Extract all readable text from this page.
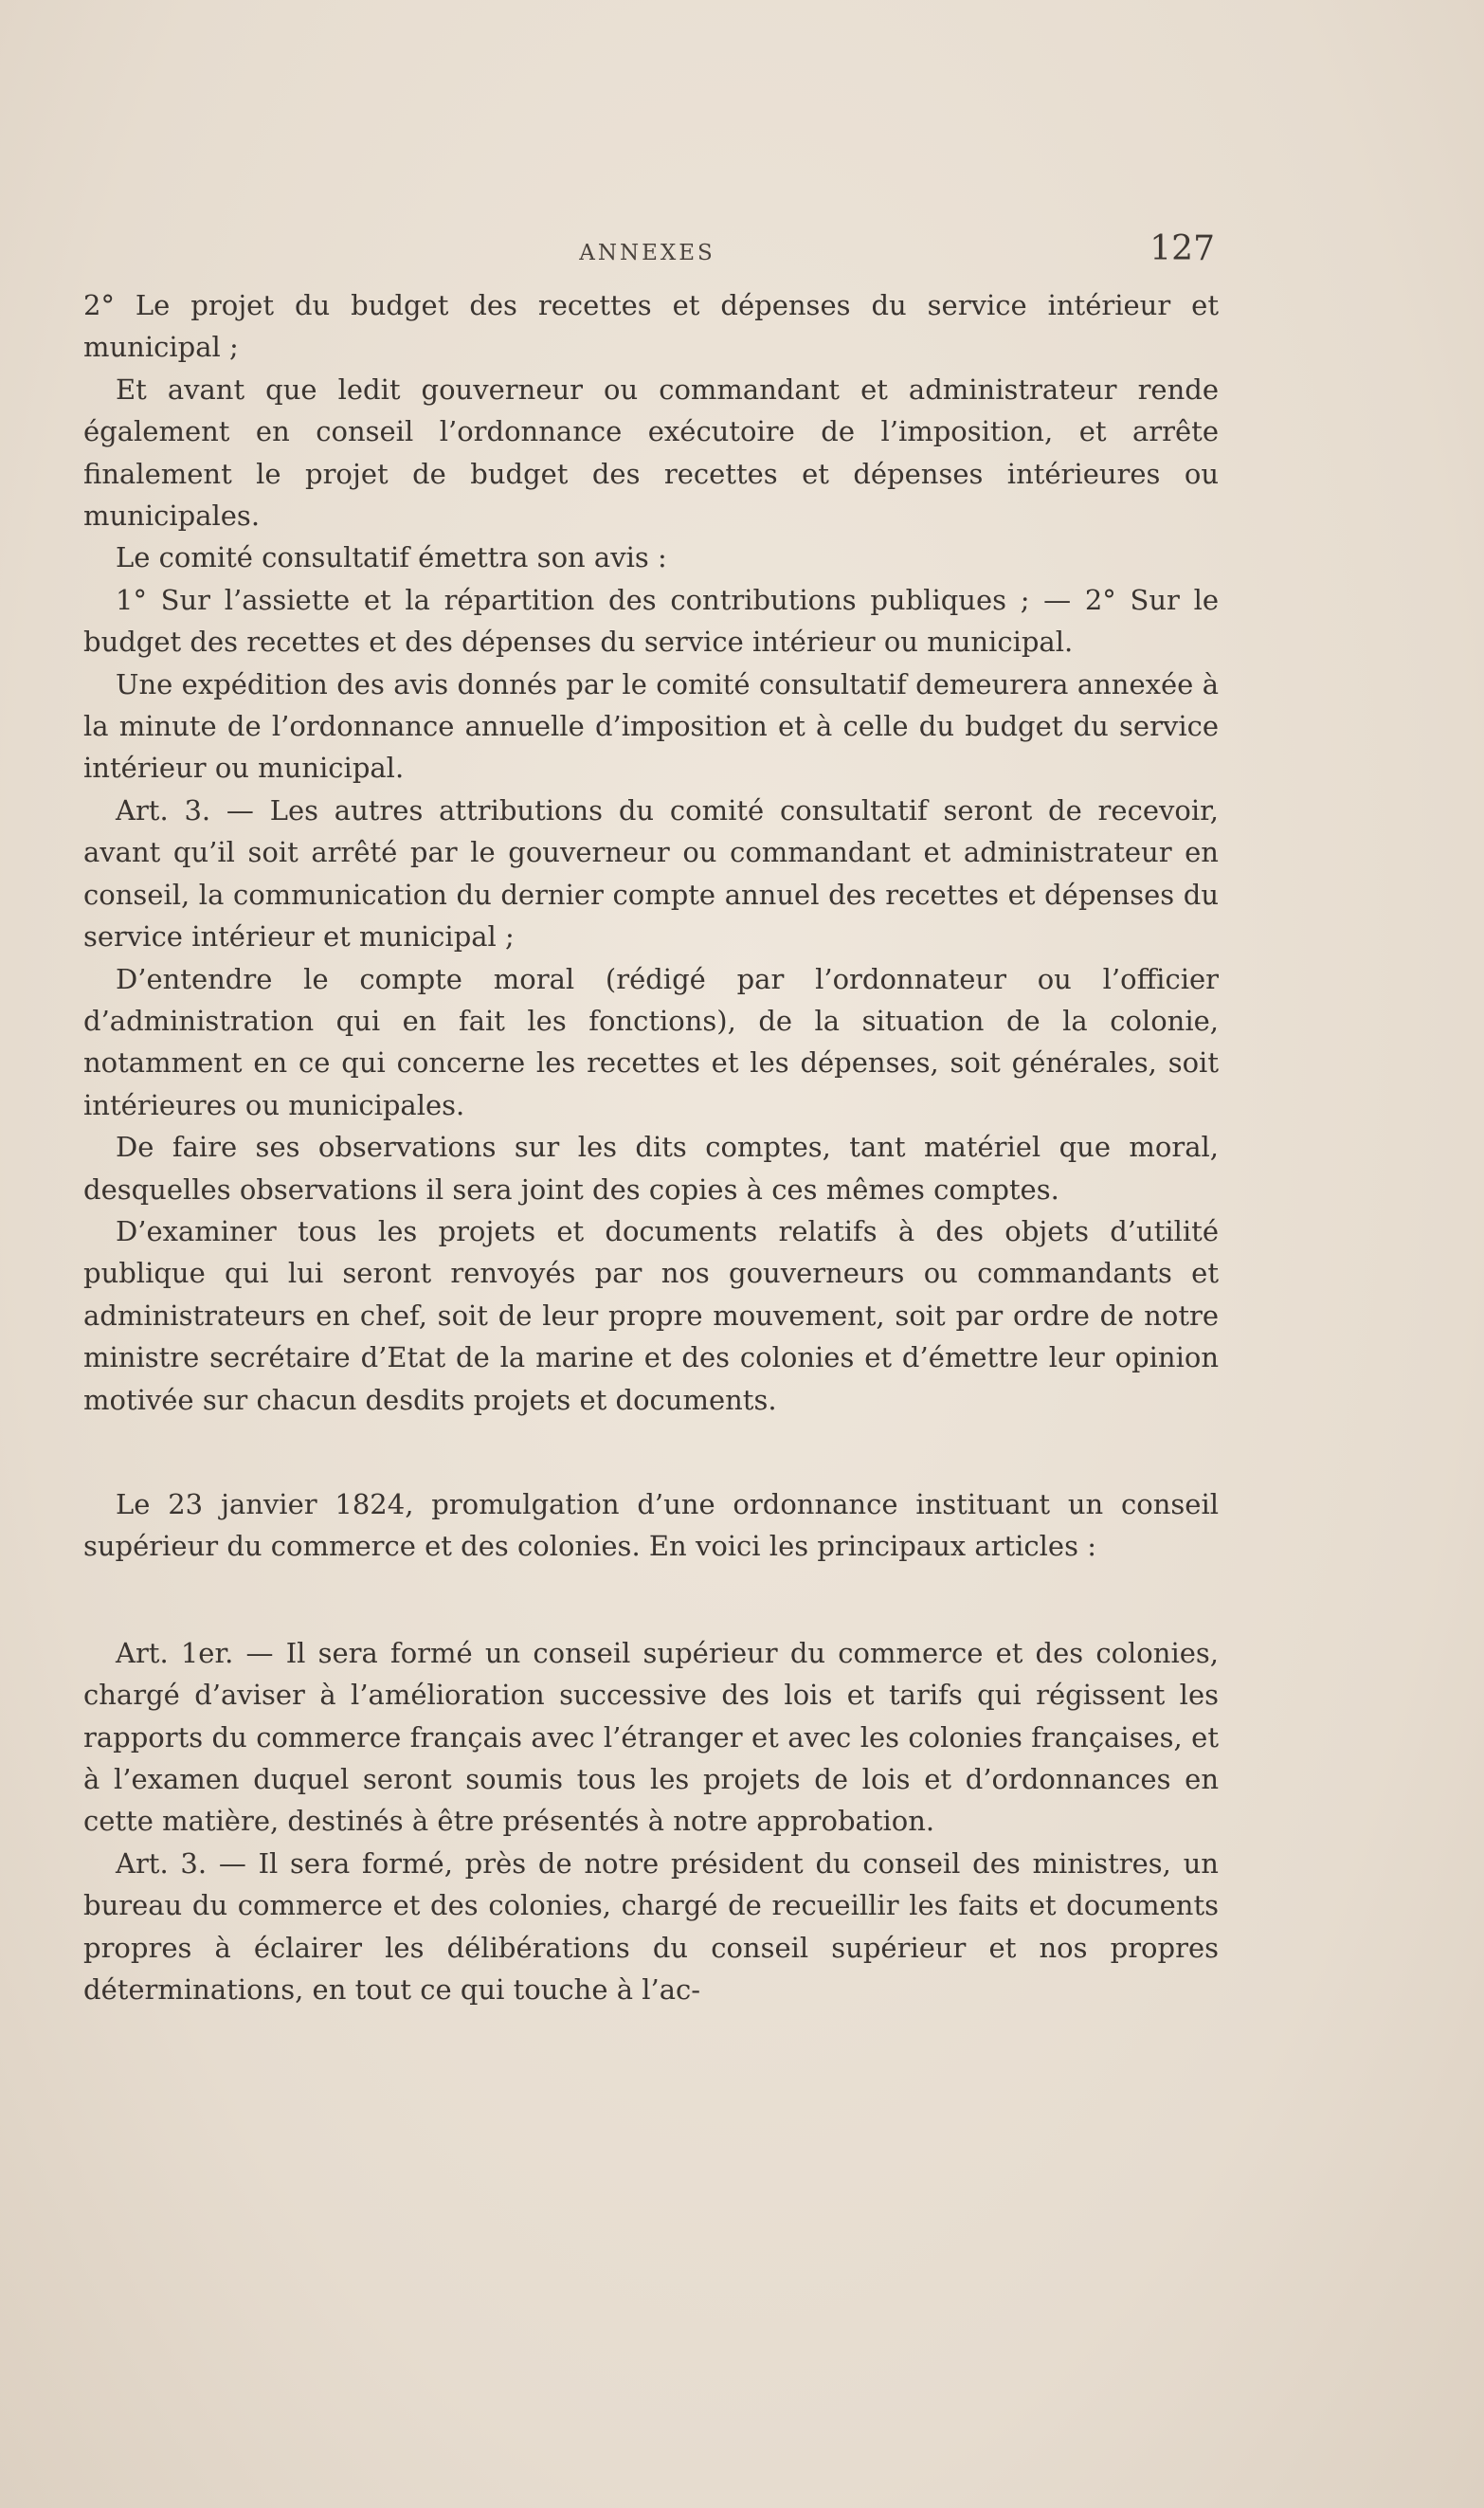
ANNEXES	127

2° Le projet du budget des recettes et dépenses du service intérieur et municipal ;

Et avant que ledit gouverneur ou commandant et administrateur rende également en conseil l’ordonnance exécutoire de l’imposition, et arrête finalement le projet de budget des recettes et dépenses intérieures ou municipales.

Le comité consultatif émettra son avis :

1° Sur l’assiette et la répartition des contributions publiques ; — 2° Sur le budget des recettes et des dépenses du service intérieur ou municipal.

Une expédition des avis donnés par le comité consultatif demeurera annexée à la minute de l’ordonnance annuelle d’imposition et à celle du budget du service intérieur ou municipal.

Art. 3. — Les autres attributions du comité consultatif seront de recevoir, avant qu’il soit arrêté par le gouverneur ou commandant et administrateur en conseil, la communication du dernier compte annuel des recettes et dépenses du service intérieur et municipal ;

D’entendre le compte moral (rédigé par l’ordonnateur ou l’officier d’administration qui en fait les fonctions), de la situation de la colonie, notamment en ce qui concerne les recettes et les dépenses, soit générales, soit intérieures ou municipales.

De faire ses observations sur les dits comptes, tant matériel que moral, desquelles observations il sera joint des copies à ces mêmes comptes.

D’examiner tous les projets et documents relatifs à des objets d’utilité publique qui lui seront renvoyés par nos gouverneurs ou commandants et administrateurs en chef, soit de leur propre mouvement, soit par ordre de notre ministre secrétaire d’Etat de la marine et des colonies et d’émettre leur opinion motivée sur chacun desdits projets et documents.

Le 23 janvier 1824, promulgation d’une ordonnance instituant un conseil supérieur du commerce et des colonies. En voici les principaux articles :

Art. 1er. — Il sera formé un conseil supérieur du commerce et des colonies, chargé d’aviser à l’amélioration successive des lois et tarifs qui régissent les rapports du commerce français avec l’étranger et avec les colonies françaises, et à l’examen duquel seront soumis tous les projets de lois et d’ordonnances en cette matière, destinés à être présentés à notre approbation.

Art. 3. — Il sera formé, près de notre président du conseil des ministres, un bureau du commerce et des colonies, chargé de recueillir les faits et documents propres à éclairer les délibérations du conseil supérieur et nos propres déterminations, en tout ce qui touche à l’ac-
